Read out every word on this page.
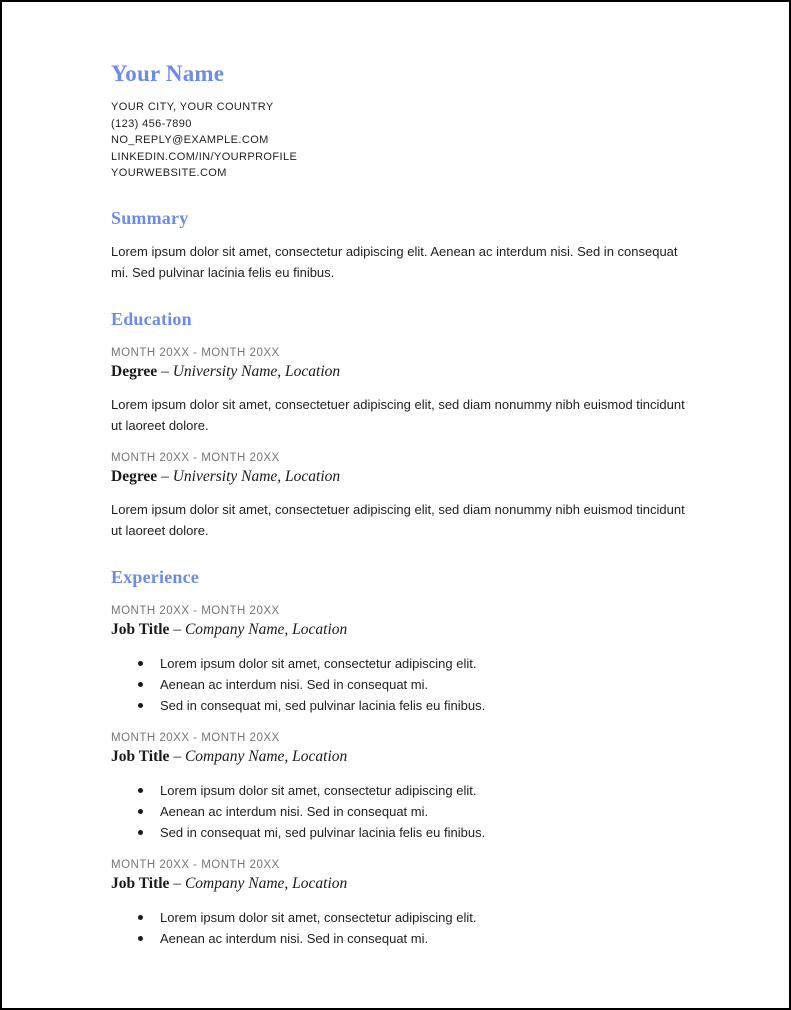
Your Name
YOUR CITY, YOUR COUNTRY
(123) 456-7890
NO_REPLY@EXAMPLE.COM
LINKEDIN.COM/IN/YOURPROFILE
YOURWEBSITE.COM
Summary

Lorem ipsum dolor sit amet, consectetur adipiscing elit. Aenean ac interdum nisi. Sed in consequat mi. Sed pulvinar lacinia felis eu finibus.

Education
MONTH 20XX - MONTH 20XX
Degree – University Name, Location

Lorem ipsum dolor sit amet, consectetuer adipiscing elit, sed diam nonummy nibh euismod tincidunt ut laoreet dolore.

MONTH 20XX - MONTH 20XX
Degree – University Name, Location

Lorem ipsum dolor sit amet, consectetuer adipiscing elit, sed diam nonummy nibh euismod tincidunt ut laoreet dolore.

Experience
MONTH 20XX - MONTH 20XX
Job Title – Company Name, Location
Lorem ipsum dolor sit amet, consectetur adipiscing elit.
Aenean ac interdum nisi. Sed in consequat mi.
Sed in consequat mi, sed pulvinar lacinia felis eu finibus.
MONTH 20XX - MONTH 20XX
Job Title – Company Name, Location
Lorem ipsum dolor sit amet, consectetur adipiscing elit.
Aenean ac interdum nisi. Sed in consequat mi.
Sed in consequat mi, sed pulvinar lacinia felis eu finibus.
MONTH 20XX - MONTH 20XX
Job Title – Company Name, Location
Lorem ipsum dolor sit amet, consectetur adipiscing elit.
Aenean ac interdum nisi. Sed in consequat mi.
